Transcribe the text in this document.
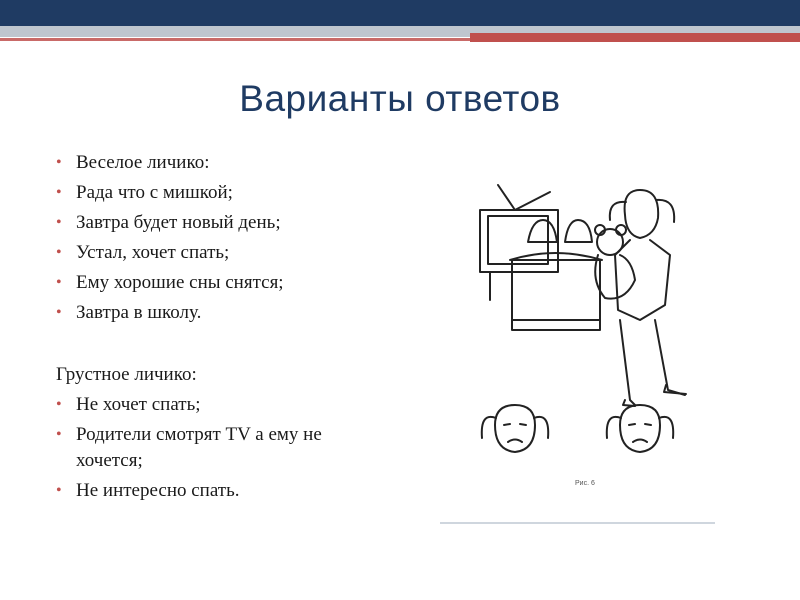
Варианты ответов
• Веселое личико:
• Рада что с мишкой;
• Завтра будет новый день;
• Устал, хочет спать;
• Ему хорошие сны снятся;
• Завтра в школу.
Грустное личико:
• Не хочет спать;
• Родители смотрят TV а ему не хочется;
• Не интересно спать.	Рис. 6
